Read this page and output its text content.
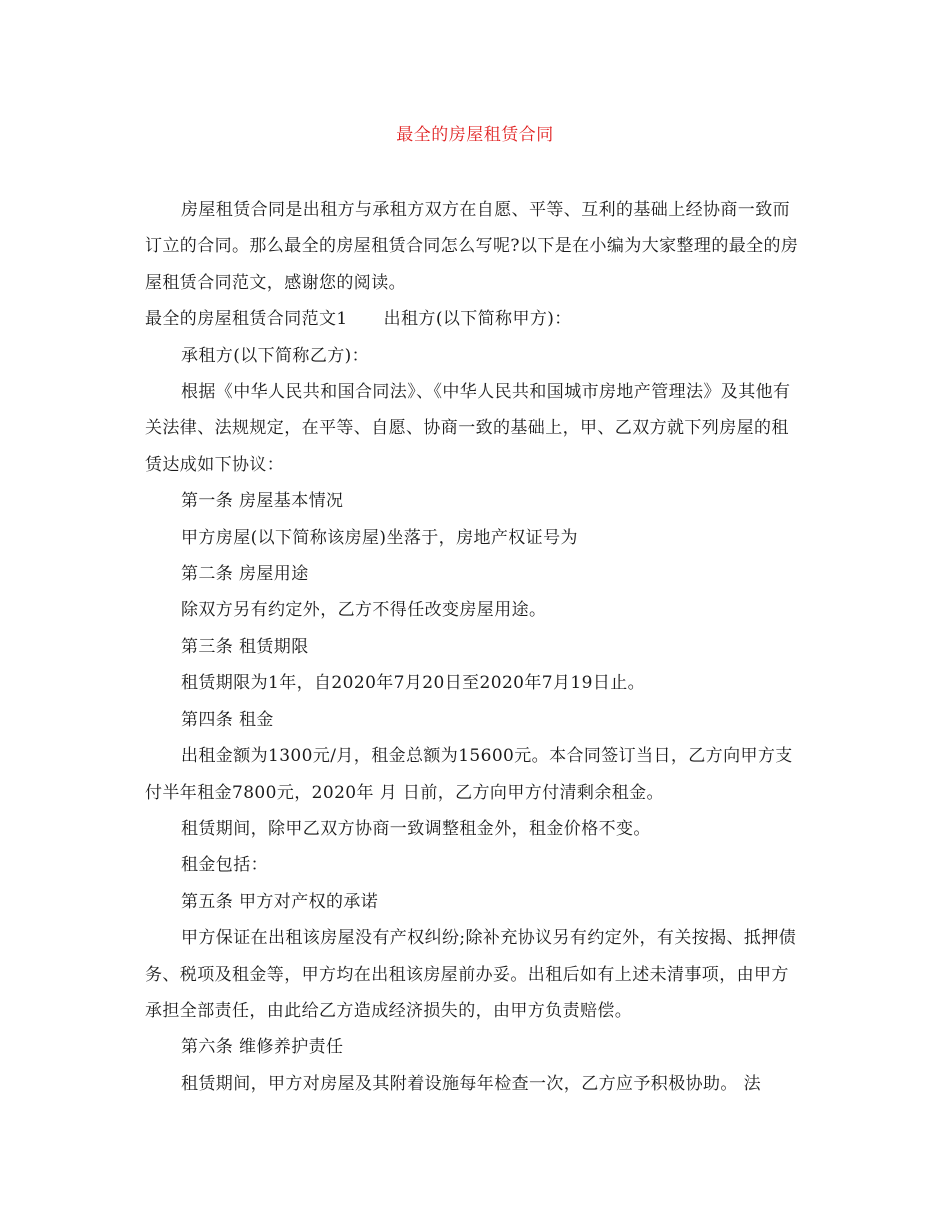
最全的房屋租赁合同

房屋租赁合同是出租方与承租方双方在自愿、平等、互利的基础上经协商一致而订立的合同。那么最全的房屋租赁合同怎么写呢?以下是在小编为大家整理的最全的房屋租赁合同范文，感谢您的阅读。

最全的房屋租赁合同范文1 出租方(以下简称甲方)：

承租方(以下简称乙方)：

根据《中华人民共和国合同法》、《中华人民共和国城市房地产管理法》及其他有关法律、法规规定，在平等、自愿、协商一致的基础上，甲、乙双方就下列房屋的租赁达成如下协议：

第一条 房屋基本情况

甲方房屋(以下简称该房屋)坐落于，房地产权证号为

第二条 房屋用途

除双方另有约定外，乙方不得任改变房屋用途。

第三条 租赁期限

租赁期限为1年，自2020年7月20日至2020年7月19日止。

第四条 租金

出租金额为1300元/月，租金总额为15600元。本合同签订当日，乙方向甲方支付半年租金7800元，2020年 月 日前，乙方向甲方付清剩余租金。

租赁期间，除甲乙双方协商一致调整租金外，租金价格不变。

租金包括：

第五条 甲方对产权的承诺

甲方保证在出租该房屋没有产权纠纷;除补充协议另有约定外，有关按揭、抵押债务、税项及租金等，甲方均在出租该房屋前办妥。出租后如有上述未清事项，由甲方承担全部责任，由此给乙方造成经济损失的，由甲方负责赔偿。

第六条 维修养护责任

租赁期间，甲方对房屋及其附着设施每年检查一次，乙方应予积极协助。 法
